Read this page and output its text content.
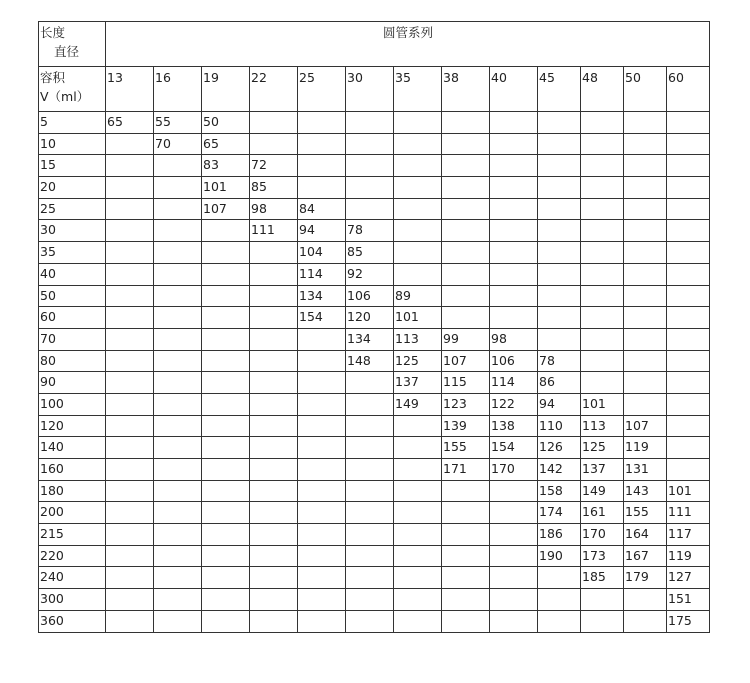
长度
直径	圆管系列												

容积
V（ml）	13	16	19	22	25	30	35	38	40	45	48	50	60
5	65	55	50										
10		70	65										
15			83	72									
20			101	85									
25			107	98	84								
30				111	94	78							
35					104	85							
40					114	92							
50					134	106	89						
60					154	120	101						
70						134	113	99	98				
80						148	125	107	106	78			
90							137	115	114	86			
100							149	123	122	94	101		
120								139	138	110	113	107	
140								155	154	126	125	119	
160								171	170	142	137	131	
180										158	149	143	101
200										174	161	155	111
215										186	170	164	117
220										190	173	167	119
240											185	179	127
300													151
360													175
